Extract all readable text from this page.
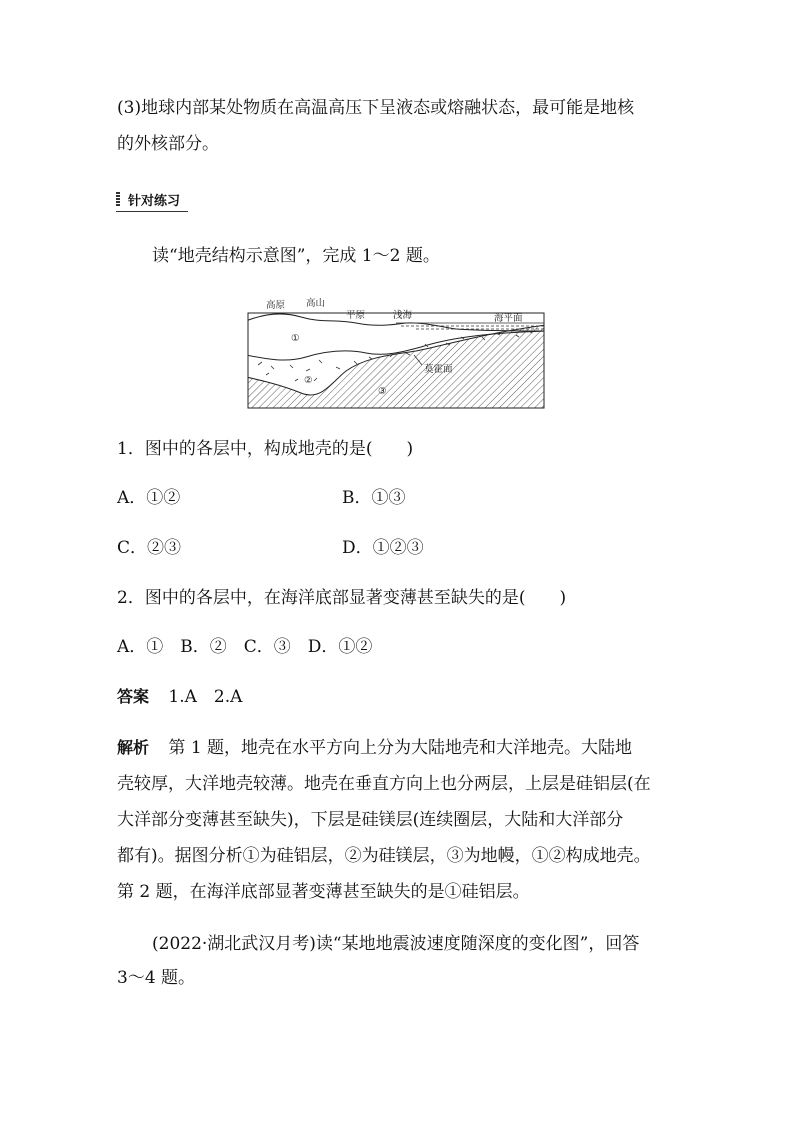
(3)地球内部某处物质在高温高压下呈液态或熔融状态，最可能是地核
的外核部分。
针对练习
读“地壳结构示意图”，完成 1～2 题。
高原 高山
平原	浅海	海平面
①
②
③
莫霍面
1．图中的各层中，构成地壳的是(　　)
A．①②	B．①③
C．②③	D．①②③
2．图中的各层中，在海洋底部显著变薄甚至缺失的是(　　)
A．①　B．②　C．③　D．①②
答案 1.A　2.A
解析 第 1 题，地壳在水平方向上分为大陆地壳和大洋地壳。大陆地
壳较厚，大洋地壳较薄。地壳在垂直方向上也分两层，上层是硅铝层(在
大洋部分变薄甚至缺失)，下层是硅镁层(连续圈层，大陆和大洋部分
都有)。据图分析①为硅铝层，②为硅镁层，③为地幔，①②构成地壳。
第 2 题，在海洋底部显著变薄甚至缺失的是①硅铝层。
(2022·湖北武汉月考)读“某地地震波速度随深度的变化图”，回答
3～4 题。
